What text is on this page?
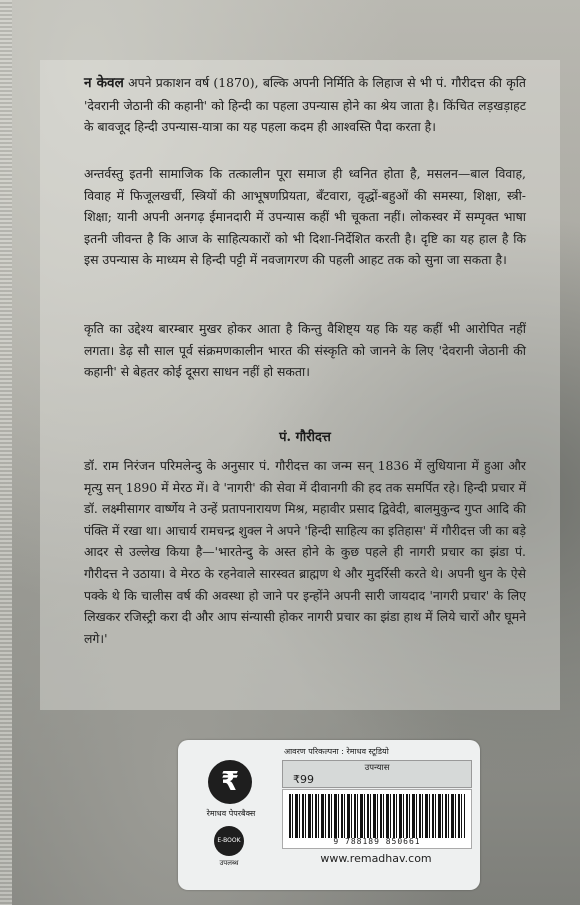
न केवल अपने प्रकाशन वर्ष (1870), बल्कि अपनी निर्मिति के लिहाज से भी पं. गौरीदत्त की कृति 'देवरानी जेठानी की कहानी' को हिन्दी का पहला उपन्यास होने का श्रेय जाता है। किंचित लड़खड़ाहट के बावजूद हिन्दी उपन्यास-यात्रा का यह पहला कदम ही आश्वस्ति पैदा करता है।

अन्तर्वस्तु इतनी सामाजिक कि तत्कालीन पूरा समाज ही ध्वनित होता है, मसलन—बाल विवाह, विवाह में फिजूलखर्ची, स्त्रियों की आभूषणप्रियता, बँटवारा, वृद्धों-बहुओं की समस्या, शिक्षा, स्त्री-शिक्षा; यानी अपनी अनगढ़ ईमानदारी में उपन्यास कहीं भी चूकता नहीं। लोकस्वर में सम्पृक्त भाषा इतनी जीवन्त है कि आज के साहित्यकारों को भी दिशा-निर्देशित करती है। दृष्टि का यह हाल है कि इस उपन्यास के माध्यम से हिन्दी पट्टी में नवजागरण की पहली आहट तक को सुना जा सकता है।

कृति का उद्देश्य बारम्बार मुखर होकर आता है किन्तु वैशिष्ट्य यह कि यह कहीं भी आरोपित नहीं लगता। डेढ़ सौ साल पूर्व संक्रमणकालीन भारत की संस्कृति को जानने के लिए 'देवरानी जेठानी की कहानी' से बेहतर कोई दूसरा साधन नहीं हो सकता।

पं. गौरीदत्त

डॉ. राम निरंजन परिमलेन्दु के अनुसार पं. गौरीदत्त का जन्म सन् 1836 में लुधियाना में हुआ और मृत्यु सन् 1890 में मेरठ में। वे 'नागरी' की सेवा में दीवानगी की हद तक समर्पित रहे। हिन्दी प्रचार में डॉ. लक्ष्मीसागर वार्ष्णेय ने उन्हें प्रतापनारायण मिश्र, महावीर प्रसाद द्विवेदी, बालमुकुन्द गुप्त आदि की पंक्ति में रखा था। आचार्य रामचन्द्र शुक्ल ने अपने 'हिन्दी साहित्य का इतिहास' में गौरीदत्त जी का बड़े आदर से उल्लेख किया है—'भारतेन्दु के अस्त होने के कुछ पहले ही नागरी प्रचार का झंडा पं. गौरीदत्त ने उठाया। वे मेरठ के रहनेवाले सारस्वत ब्राह्मण थे और मुदर्रिसी करते थे। अपनी धुन के ऐसे पक्के थे कि चालीस वर्ष की अवस्था हो जाने पर इन्होंने अपनी सारी जायदाद 'नागरी प्रचार' के लिए लिखकर रजिस्ट्री करा दी और आप संन्यासी होकर नागरी प्रचार का झंडा हाथ में लिये चारों और घूमने लगे।'

₹
रेमाधव पेपरबैक्स
E-BOOK
उपलब्ध
आवरण परिकल्पना : रेमाधव स्टूडियो
उपन्यास
₹99
9 788189 850661
www.remadhav.com
